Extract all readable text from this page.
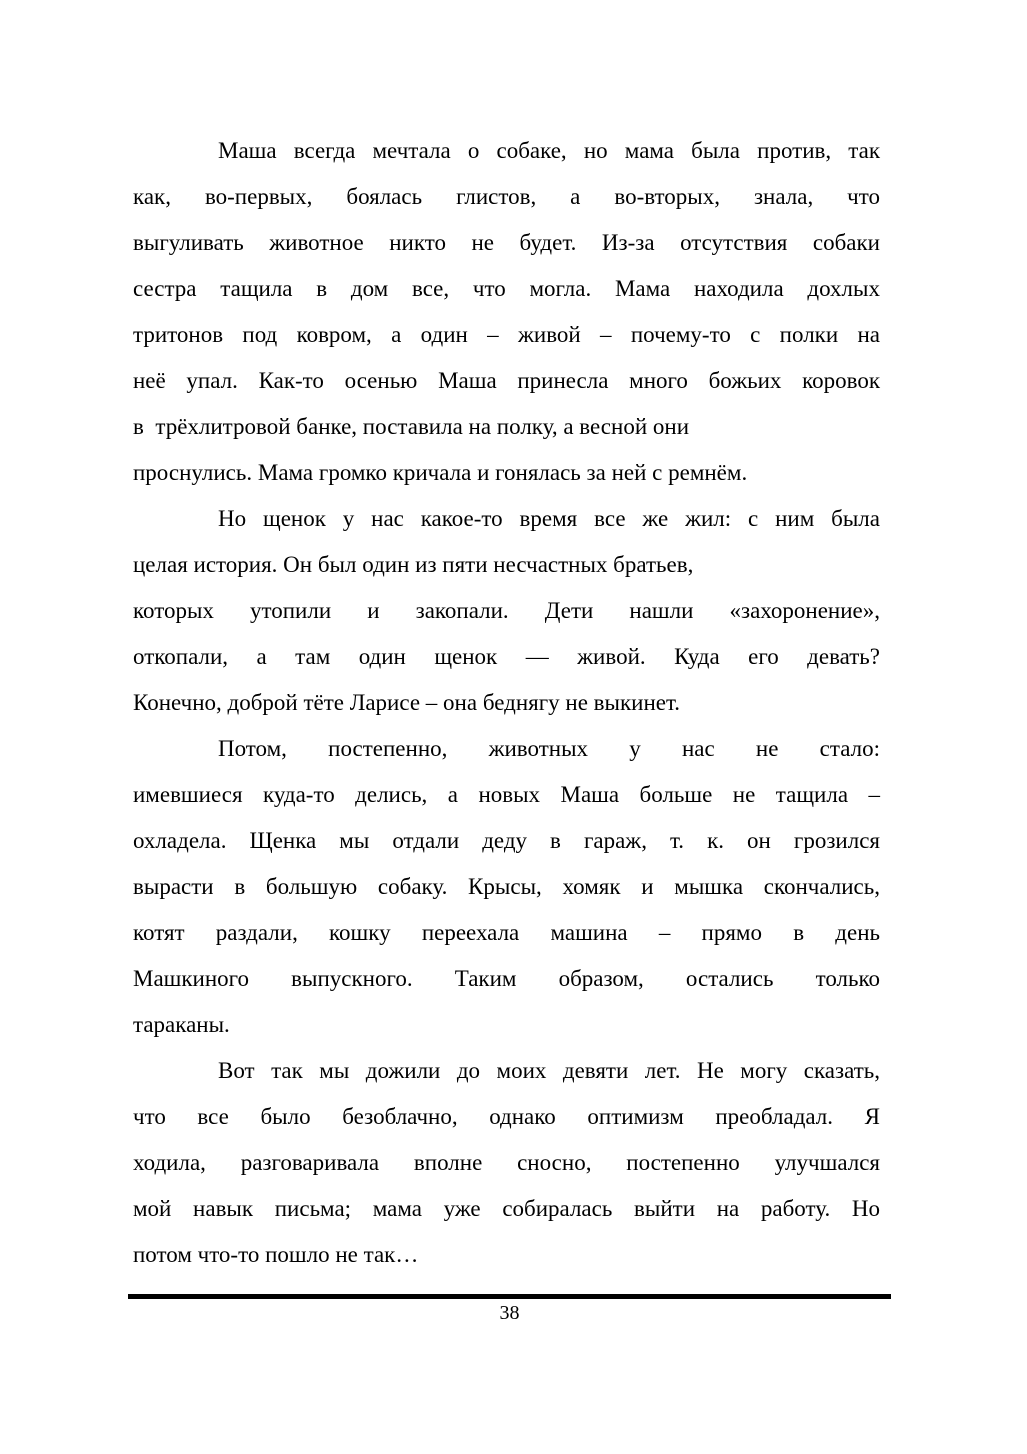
Маша всегда мечтала о собаке, но мама была против, так
как, во-первых, боялась глистов, а во-вторых, знала, что
выгуливать животное никто не будет. Из-за отсутствия собаки
сестра тащила в дом все, что могла. Мама находила дохлых
тритонов под ковром, а один – живой – почему-то с полки на
неё упал. Как-то осенью Маша принесла много божьих коровок
в  трёхлитровой банке, поставила на полку, а весной они
проснулись. Мама громко кричала и гонялась за ней с ремнём.
Но щенок у нас какое-то время все же жил: с ним была
целая история. Он был один из пяти несчастных братьев,
которых утопили и закопали. Дети нашли «захоронение»,
откопали, а там один щенок — живой. Куда его девать?
Конечно, доброй тёте Ларисе – она беднягу не выкинет.
Потом, постепенно, животных у нас не стало:
имевшиеся куда-то делись, а новых Маша больше не тащила –
охладела. Щенка мы отдали деду в гараж, т. к. он грозился
вырасти в большую собаку. Крысы, хомяк и мышка скончались,
котят раздали, кошку переехала машина – прямо в день
Машкиного выпускного. Таким образом, остались только
тараканы.
Вот так мы дожили до моих девяти лет. Не могу сказать,
что все было безоблачно, однако оптимизм преобладал. Я
ходила, разговаривала вполне сносно, постепенно улучшался
мой навык письма; мама уже собиралась выйти на работу. Но
потом что-то пошло не так…
38
